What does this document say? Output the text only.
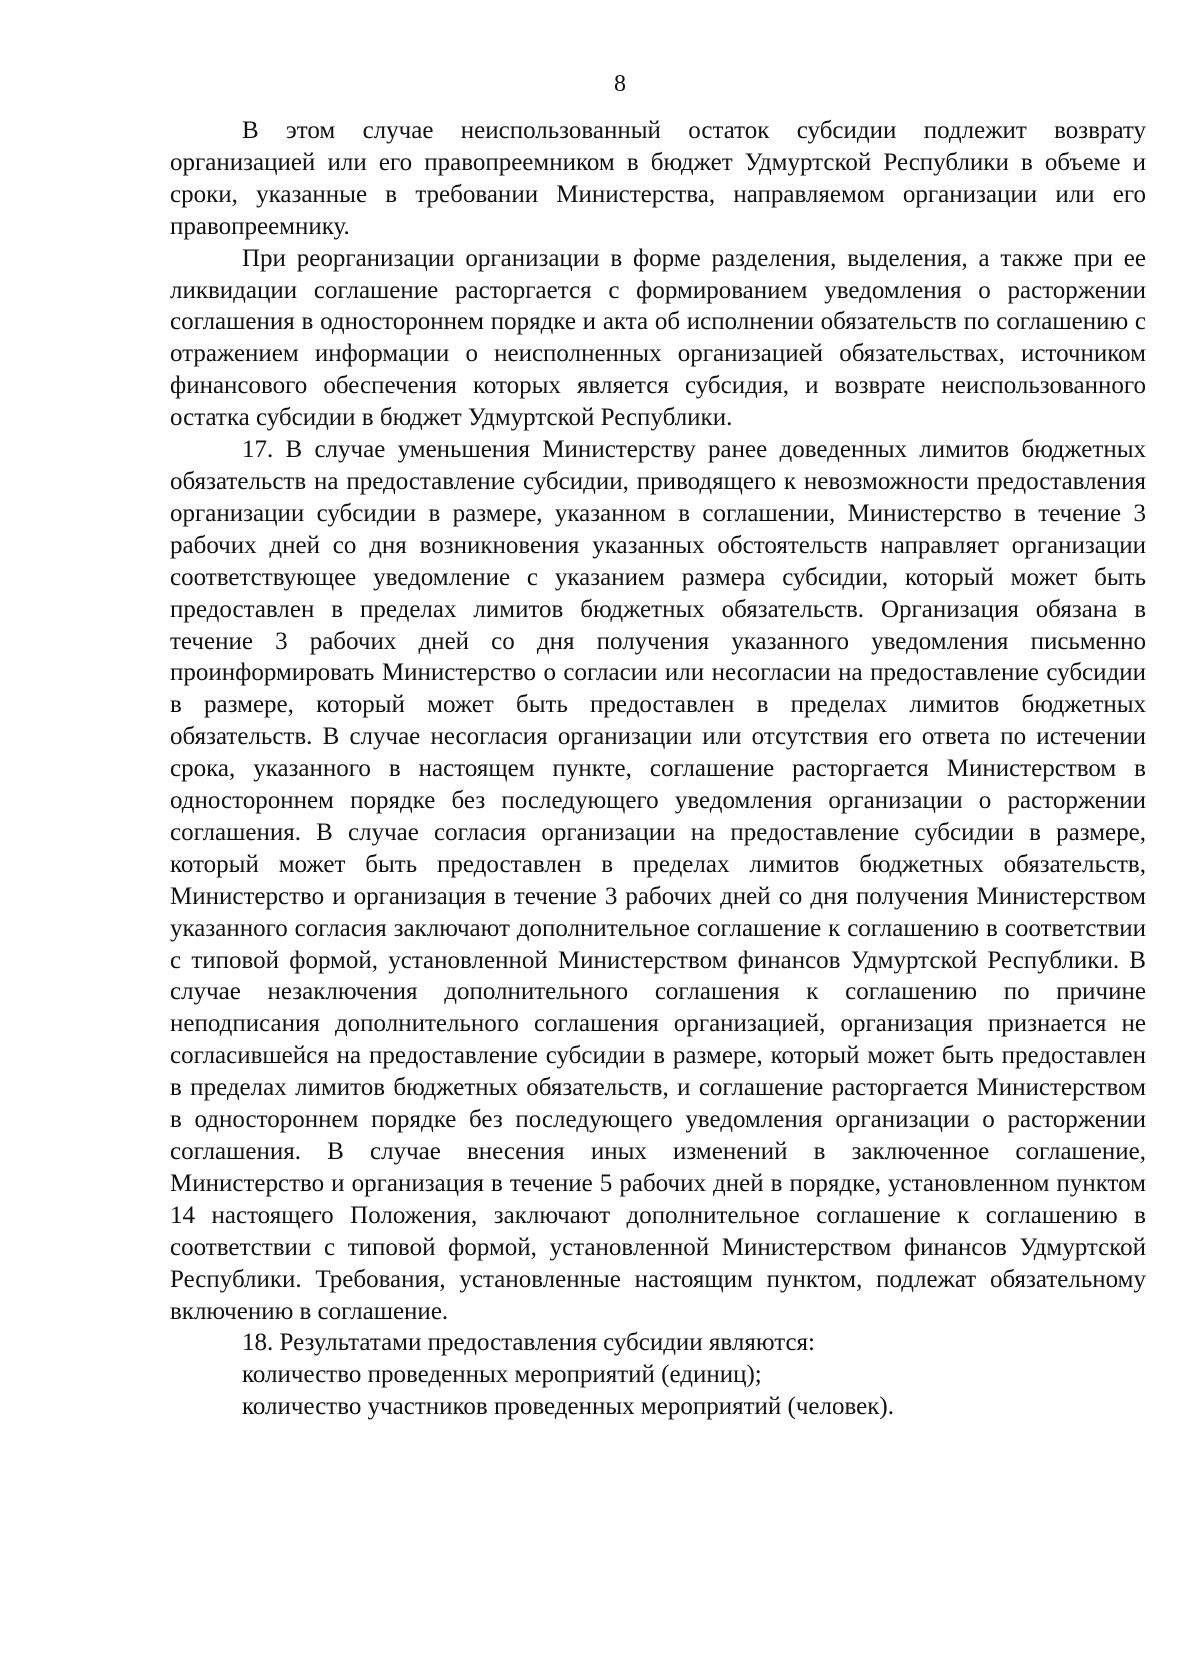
8

В этом случае неиспользованный остаток субсидии подлежит возврату организацией или его правопреемником в бюджет Удмуртской Республики в объеме и сроки, указанные в требовании Министерства, направляемом организации или его правопреемнику.

При реорганизации организации в форме разделения, выделения, а также при ее ликвидации соглашение расторгается с формированием уведомления о расторжении соглашения в одностороннем порядке и акта об исполнении обязательств по соглашению с отражением информации о неисполненных организацией обязательствах, источником финансового обеспечения которых является субсидия, и возврате неиспользованного остатка субсидии в бюджет Удмуртской Республики.

17. В случае уменьшения Министерству ранее доведенных лимитов бюджетных обязательств на предоставление субсидии, приводящего к невозможности предоставления организации субсидии в размере, указанном в соглашении, Министерство в течение 3 рабочих дней со дня возникновения указанных обстоятельств направляет организации соответствующее уведомление с указанием размера субсидии, который может быть предоставлен в пределах лимитов бюджетных обязательств. Организация обязана в течение 3 рабочих дней со дня получения указанного уведомления письменно проинформировать Министерство о согласии или несогласии на предоставление субсидии в размере, который может быть предоставлен в пределах лимитов бюджетных обязательств. В случае несогласия организации или отсутствия его ответа по истечении срока, указанного в настоящем пункте, соглашение расторгается Министерством в одностороннем порядке без последующего уведомления организации о расторжении соглашения. В случае согласия организации на предоставление субсидии в размере, который может быть предоставлен в пределах лимитов бюджетных обязательств, Министерство и организация в течение 3 рабочих дней со дня получения Министерством указанного согласия заключают дополнительное соглашение к соглашению в соответствии с типовой формой, установленной Министерством финансов Удмуртской Республики. В случае незаключения дополнительного соглашения к соглашению по причине неподписания дополнительного соглашения организацией, организация признается не согласившейся на предоставление субсидии в размере, который может быть предоставлен в пределах лимитов бюджетных обязательств, и соглашение расторгается Министерством в одностороннем порядке без последующего уведомления организации о расторжении соглашения. В случае внесения иных изменений в заключенное соглашение, Министерство и организация в течение 5 рабочих дней в порядке, установленном пунктом 14 настоящего Положения, заключают дополнительное соглашение к соглашению в соответствии с типовой формой, установленной Министерством финансов Удмуртской Республики. Требования, установленные настоящим пунктом, подлежат обязательному включению в соглашение.

18. Результатами предоставления субсидии являются:

количество проведенных мероприятий (единиц);

количество участников проведенных мероприятий (человек).
